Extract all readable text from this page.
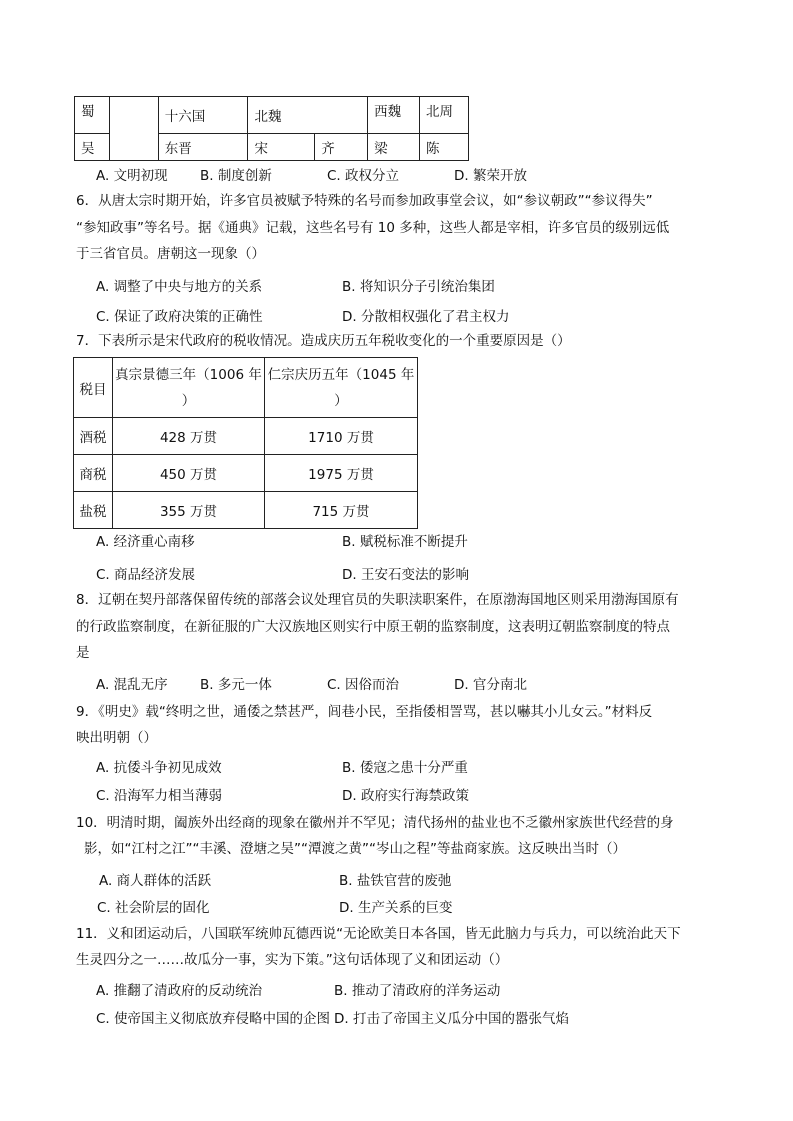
蜀		十六国	北魏		西魏	北周

吴		东晋	宋	齐	梁	陈
A. 文明初现 B. 制度创新	C. 政权分立	D. 繁荣开放
6．从唐太宗时期开始，许多官员被赋予特殊的名号而参加政事堂会议，如“参议朝政”“参议得失”
“参知政事”等名号。据《通典》记载，这些名号有 10 多种，这些人都是宰相，许多官员的级别远低
于三省官员。唐朝这一现象（）
A. 调整了中央与地方的关系	B. 将知识分子引统治集团
C. 保证了政府决策的正确性	D. 分散相权强化了君主权力
7．下表所示是宋代政府的税收情况。造成庆历五年税收变化的一个重要原因是（）
税目	真宗景德三年（1006 年
）	仁宗庆历五年（1045 年
）
酒税	428 万贯	1710 万贯
商税	450 万贯	1975 万贯
盐税	355 万贯	715 万贯
A. 经济重心南移	B. 赋税标准不断提升
C. 商品经济发展	D. 王安石变法的影响
8．辽朝在契丹部落保留传统的部落会议处理官员的失职渎职案件，在原渤海国地区则采用渤海国原有
的行政监察制度，在新征服的广大汉族地区则实行中原王朝的监察制度，这表明辽朝监察制度的特点
是
A. 混乱无序 B. 多元一体	C. 因俗而治	D. 官分南北
9．《明史》载“终明之世，通倭之禁甚严，闾巷小民，至指倭相詈骂，甚以嚇其小儿女云。”材料反
映出明朝（）
A. 抗倭斗争初见成效	B. 倭寇之患十分严重
C. 沿海军力相当薄弱	D. 政府实行海禁政策
10．明清时期，阖族外出经商的现象在徽州并不罕见；清代扬州的盐业也不乏徽州家族世代经营的身
影，如“江村之江”“丰溪、澄塘之吴”“潭渡之黄”“岑山之程”等盐商家族。这反映出当时（）
A. 商人群体的活跃	B. 盐铁官营的废弛
C. 社会阶层的固化	D. 生产关系的巨变
11．义和团运动后，八国联军统帅瓦德西说“无论欧美日本各国，皆无此脑力与兵力，可以统治此天下
生灵四分之一……故瓜分一事，实为下策。”这句话体现了义和团运动（）
A. 推翻了清政府的反动统治	B. 推动了清政府的洋务运动
C. 使帝国主义彻底放弃侵略中国的企图 D. 打击了帝国主义瓜分中国的嚣张气焰
